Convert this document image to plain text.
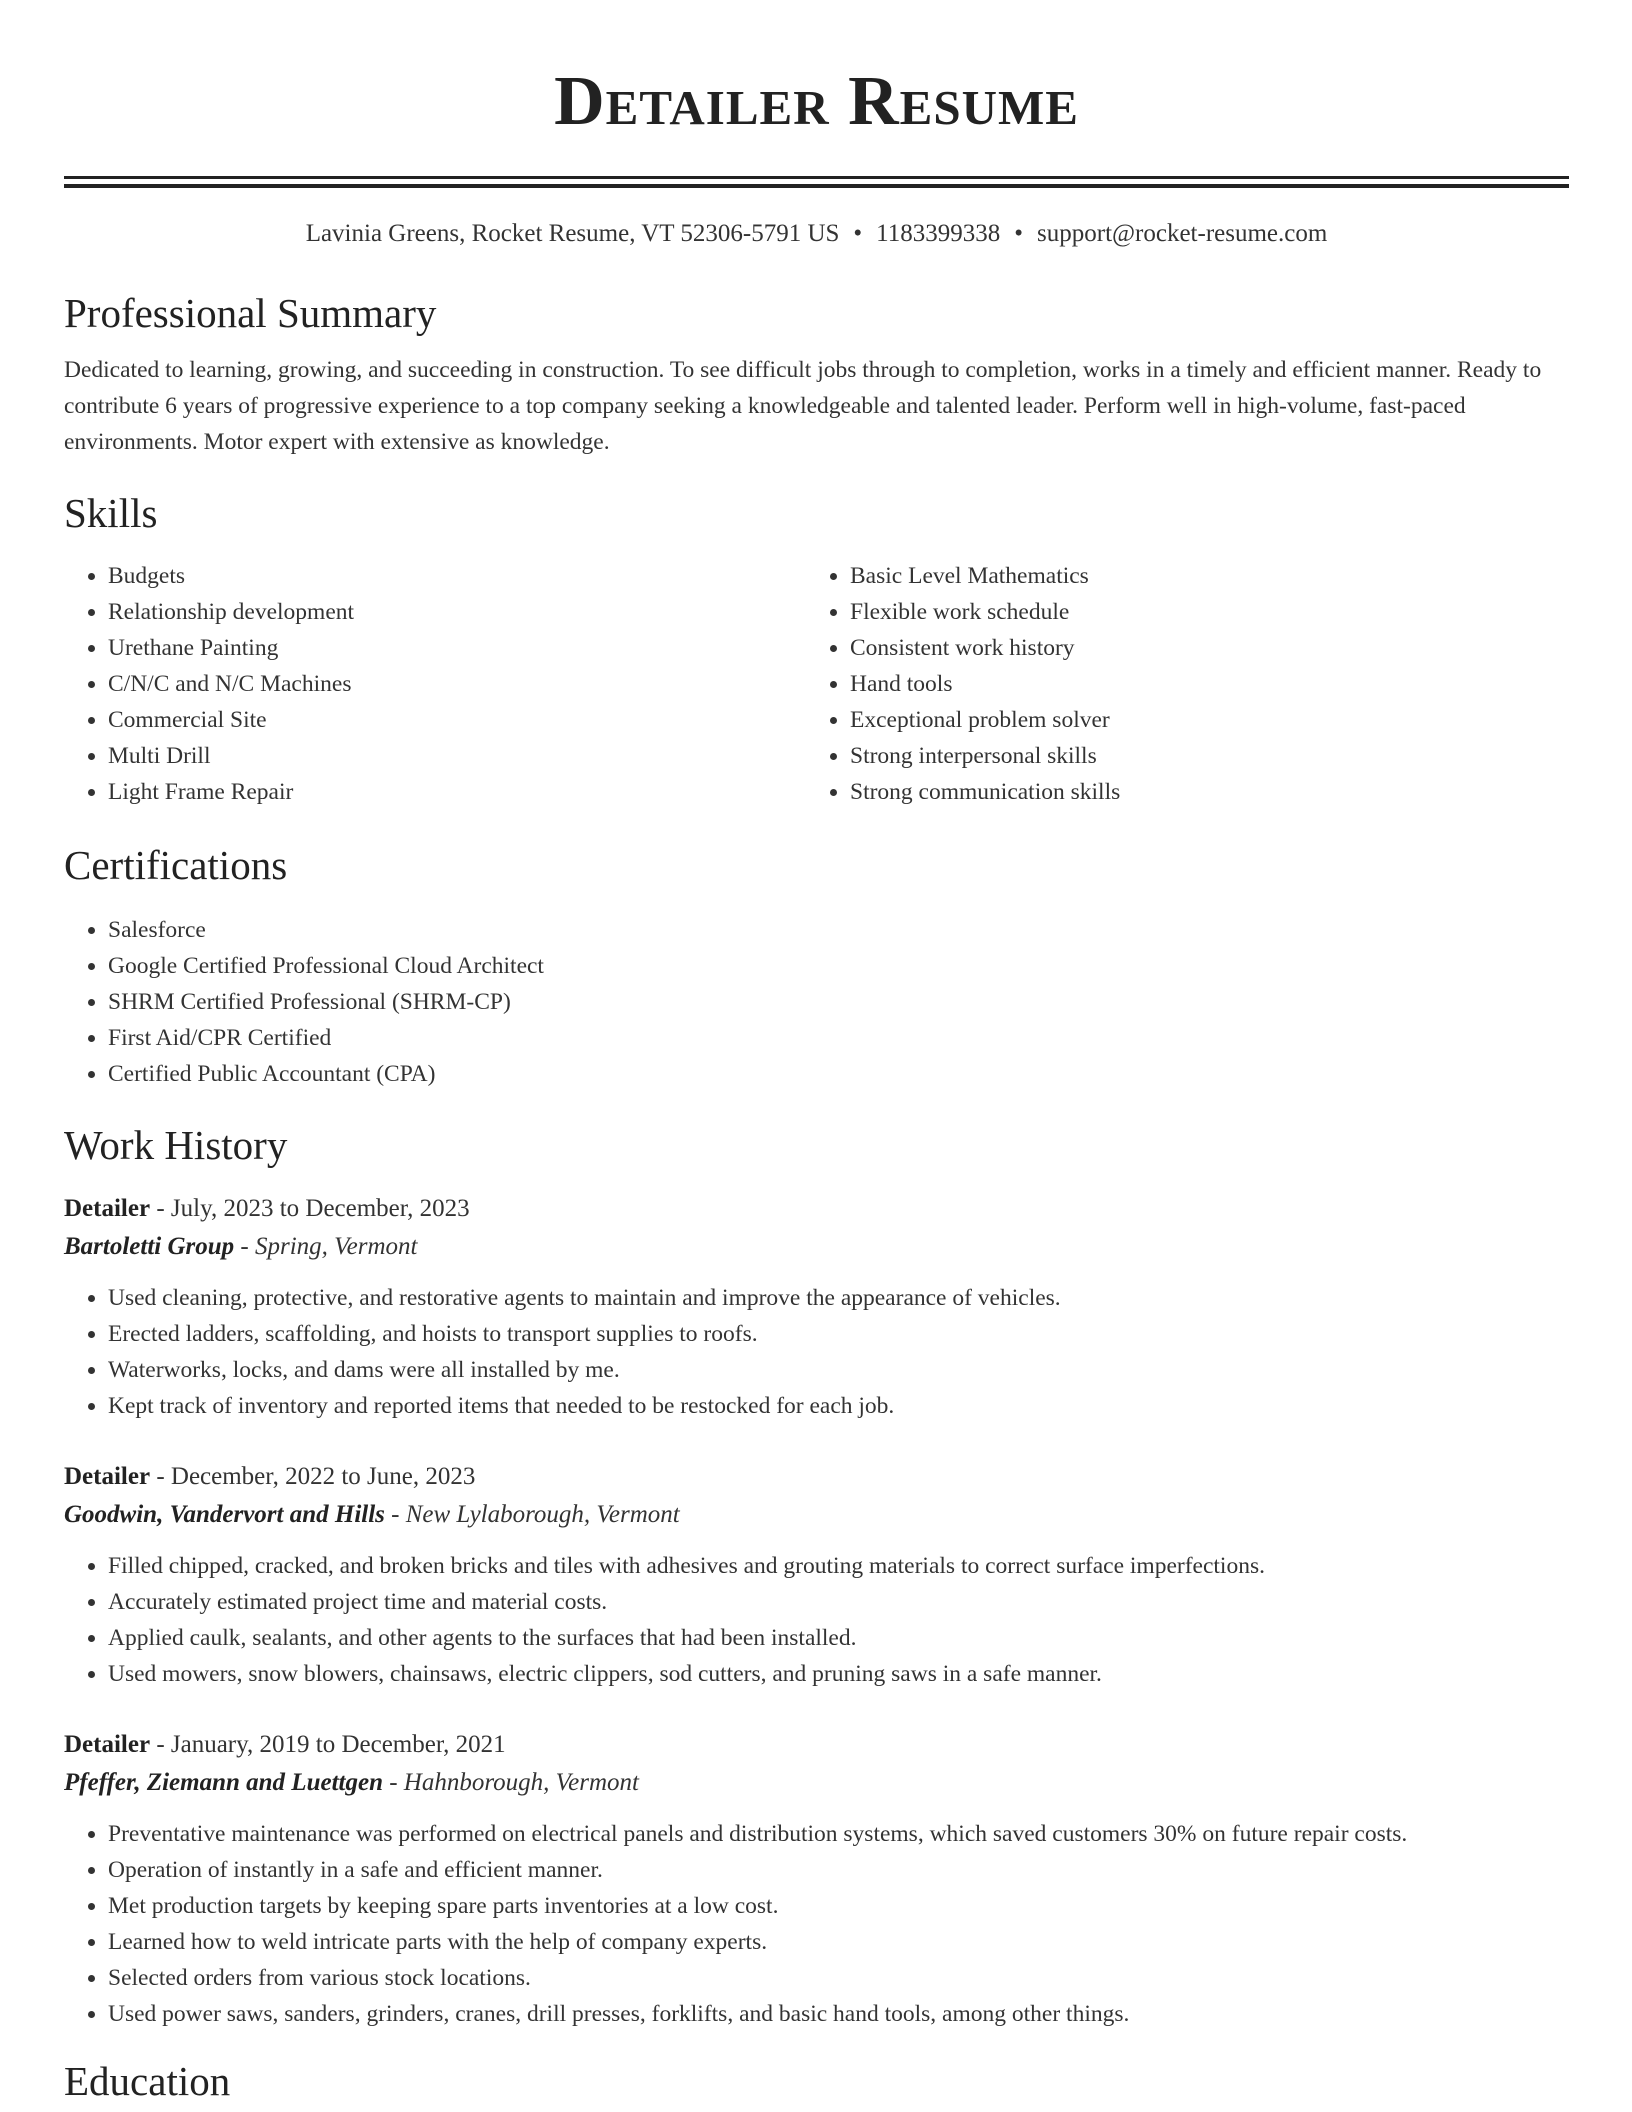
Detailer Resume
Lavinia Greens, Rocket Resume, VT 52306-5791 US • 1183399338 • support@rocket-resume.com
Professional Summary

Dedicated to learning, growing, and succeeding in construction. To see difficult jobs through to completion, works in a timely and efficient manner. Ready to contribute 6 years of progressive experience to a top company seeking a knowledgeable and talented leader. Perform well in high-volume, fast-paced environments. Motor expert with extensive as knowledge.

Skills
• Budgets
• Relationship development
• Urethane Painting
• C/N/C and N/C Machines
• Commercial Site
• Multi Drill
• Light Frame Repair
• Basic Level Mathematics
• Flexible work schedule
• Consistent work history
• Hand tools
• Exceptional problem solver
• Strong interpersonal skills
• Strong communication skills
Certifications
• Salesforce
• Google Certified Professional Cloud Architect
• SHRM Certified Professional (SHRM-CP)
• First Aid/CPR Certified
• Certified Public Accountant (CPA)
Work History
Detailer - July, 2023 to December, 2023
Bartoletti Group - Spring, Vermont
• Used cleaning, protective, and restorative agents to maintain and improve the appearance of vehicles.
• Erected ladders, scaffolding, and hoists to transport supplies to roofs.
• Waterworks, locks, and dams were all installed by me.
• Kept track of inventory and reported items that needed to be restocked for each job.
Detailer - December, 2022 to June, 2023
Goodwin, Vandervort and Hills - New Lylaborough, Vermont
• Filled chipped, cracked, and broken bricks and tiles with adhesives and grouting materials to correct surface imperfections.
• Accurately estimated project time and material costs.
• Applied caulk, sealants, and other agents to the surfaces that had been installed.
• Used mowers, snow blowers, chainsaws, electric clippers, sod cutters, and pruning saws in a safe manner.
Detailer - January, 2019 to December, 2021
Pfeffer, Ziemann and Luettgen - Hahnborough, Vermont
• Preventative maintenance was performed on electrical panels and distribution systems, which saved customers 30% on future repair costs.
• Operation of instantly in a safe and efficient manner.
• Met production targets by keeping spare parts inventories at a low cost.
• Learned how to weld intricate parts with the help of company experts.
• Selected orders from various stock locations.
• Used power saws, sanders, grinders, cranes, drill presses, forklifts, and basic hand tools, among other things.
Education
